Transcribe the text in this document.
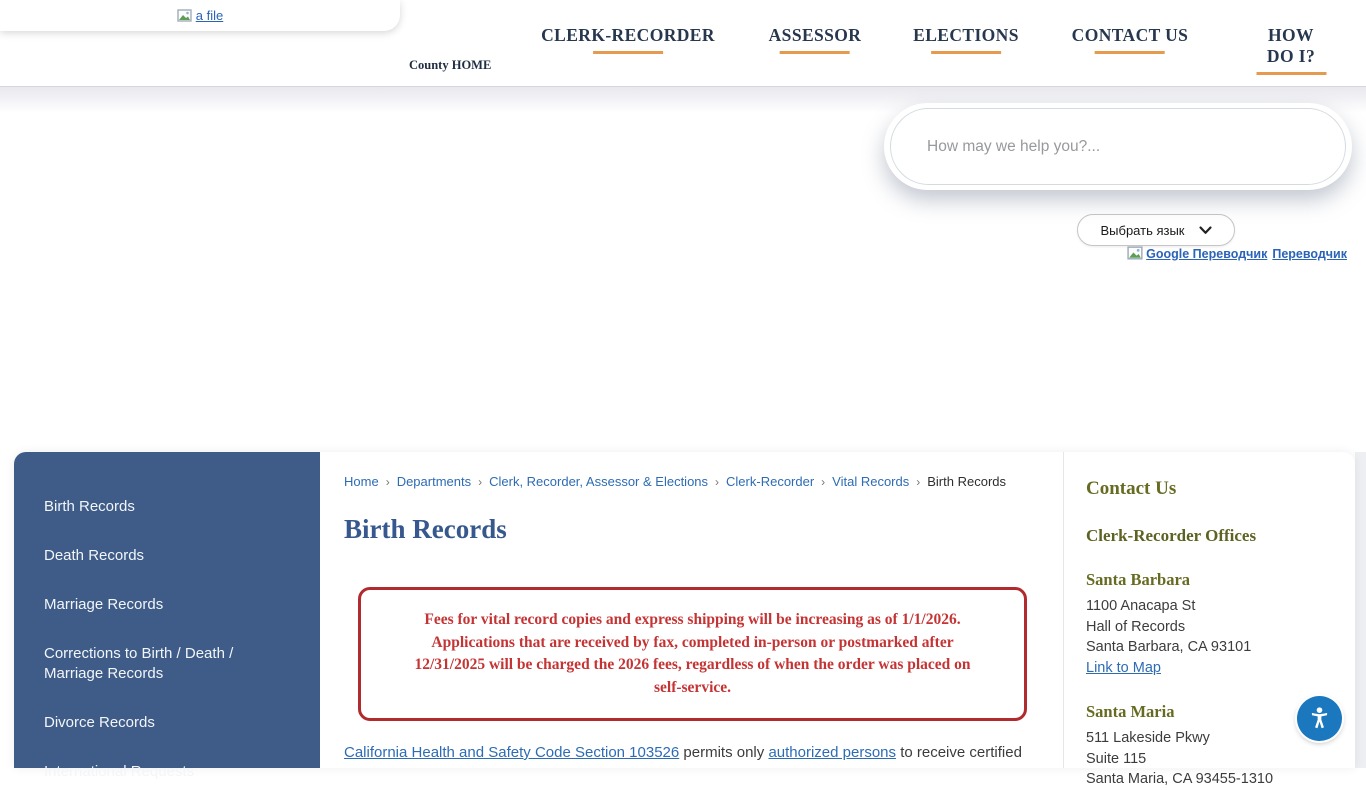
CLERK-RECORDER	ASSESSOR	ELECTIONS	CONTACT US	HOW DO I?
County HOME
a file
How may we help you?...
Выбрать язык
Google Переводчик Переводчик
Birth Records
Death Records
Marriage Records
Corrections to Birth / Death / Marriage Records
Divorce Records
International Requests
Home › Departments › Clerk, Recorder, Assessor & Elections › Clerk-Recorder › Vital Records › Birth Records
Birth Records
Fees for vital record copies and express shipping will be increasing as of 1/1/2026. Applications that are received by fax, completed in-person or postmarked after 12/31/2025 will be charged the 2026 fees, regardless of when the order was placed on self-service.

California Health and Safety Code Section 103526 permits only authorized persons to receive certified

Contact Us
Clerk-Recorder Offices
Santa Barbara

1100 Anacapa St

Hall of Records

Santa Barbara, CA 93101

Link to Map
Santa Maria

511 Lakeside Pkwy

Suite 115

Santa Maria, CA 93455-1310
